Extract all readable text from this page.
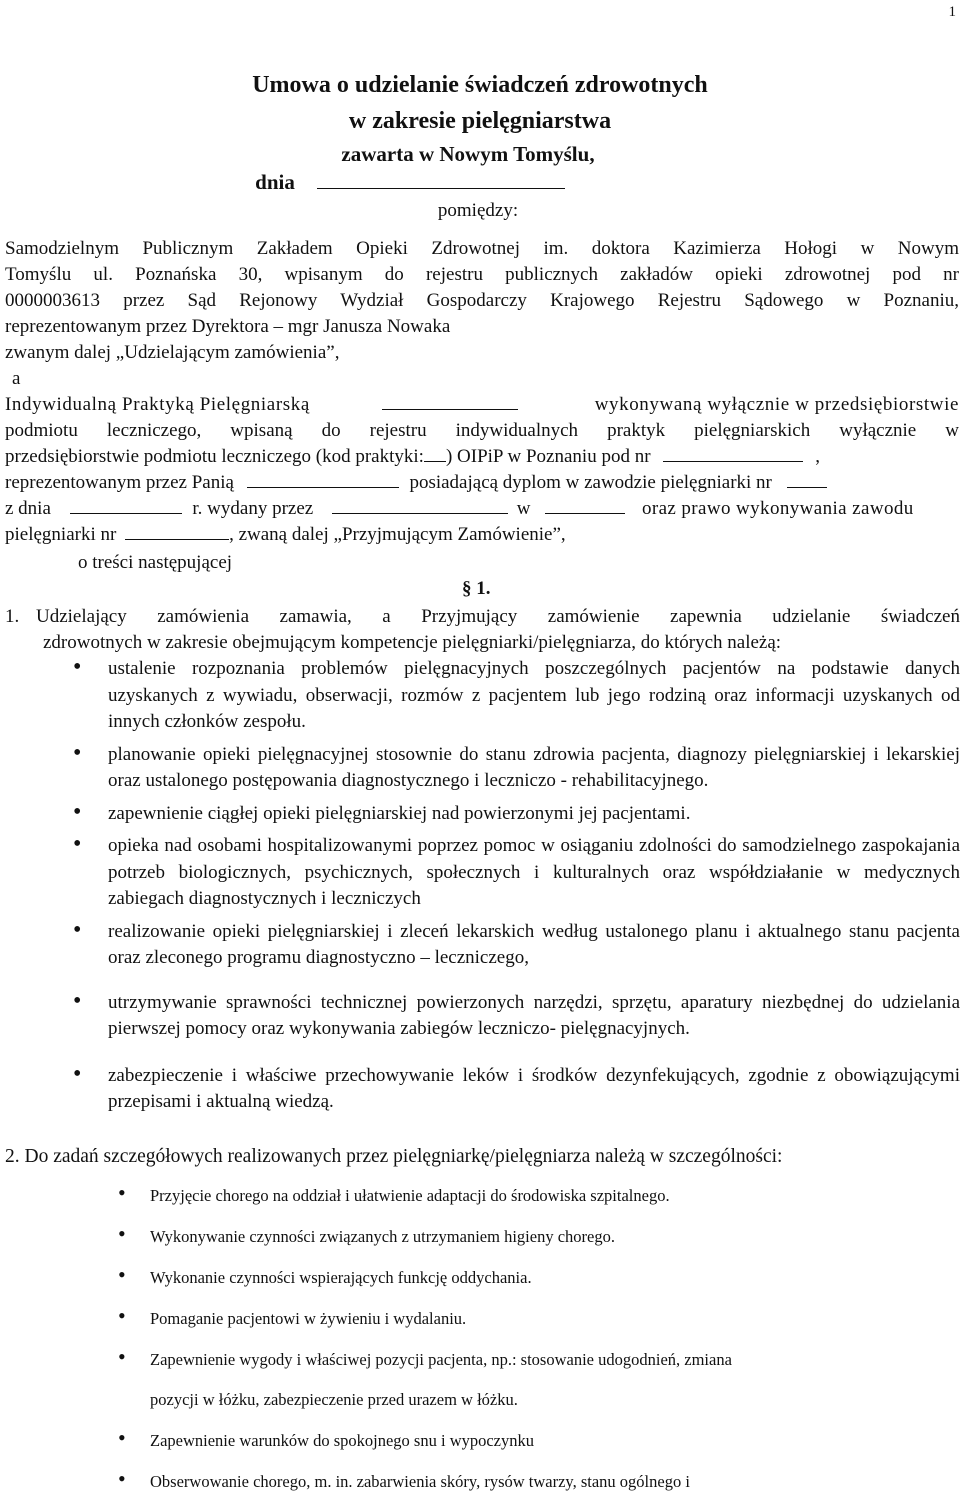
1
Umowa o udzielanie świadczeń zdrowotnych
w zakresie pielęgniarstwa
zawarta w Nowym Tomyślu,
dnia
pomiędzy:
Samodzielnym Publicznym Zakładem Opieki Zdrowotnej im. doktora Kazimierza Hołogi w Nowym
Tomyślu ul. Poznańska 30, wpisanym do rejestru publicznych zakładów opieki zdrowotnej pod nr
0000003613 przez Sąd Rejonowy Wydział Gospodarczy Krajowego Rejestru Sądowego w Poznaniu,
reprezentowanym przez Dyrektora – mgr Janusza Nowaka
zwanym dalej „Udzielającym zamówienia”,
a
Indywidualną Praktyką Pielęgniarską	wykonywaną wyłącznie w przedsiębiorstwie
podmiotu leczniczego, wpisaną do rejestru indywidualnych praktyk pielęgniarskich wyłącznie w
przedsiębiorstwie podmiotu leczniczego (kod praktyki: ) OIPiP w Poznaniu pod nr	,
reprezentowanym przez Panią	posiadającą dyplom w zawodzie pielęgniarki nr
z dnia	r. wydany przez	w	oraz prawo wykonywania zawodu
pielęgniarki nr	, zwaną dalej „Przyjmującym Zamówienie”,
o treści następującej
§ 1.
1. Udzielający zamówienia zamawia, a Przyjmujący zamówienie zapewnia udzielanie świadczeń
zdrowotnych w zakresie obejmującym kompetencje pielęgniarki/pielęgniarza, do których należą:
• ustalenie rozpoznania problemów pielęgnacyjnych poszczególnych pacjentów na podstawie danych uzyskanych z wywiadu, obserwacji, rozmów z pacjentem lub jego rodziną oraz informacji uzyskanych od innych członków zespołu.
• planowanie opieki pielęgnacyjnej stosownie do stanu zdrowia pacjenta, diagnozy pielęgniarskiej i lekarskiej oraz ustalonego postępowania diagnostycznego i leczniczo - rehabilitacyjnego.
• zapewnienie ciągłej opieki pielęgniarskiej nad powierzonymi jej pacjentami.
• opieka nad osobami hospitalizowanymi poprzez pomoc w osiąganiu zdolności do samodzielnego zaspokajania potrzeb biologicznych, psychicznych, społecznych i kulturalnych oraz współdziałanie w medycznych zabiegach diagnostycznych i leczniczych
• realizowanie opieki pielęgniarskiej i zleceń lekarskich według ustalonego planu i aktualnego stanu pacjenta oraz zleconego programu diagnostyczno – leczniczego,
• utrzymywanie sprawności technicznej powierzonych narzędzi, sprzętu, aparatury niezbędnej do udzielania pierwszej pomocy oraz wykonywania zabiegów leczniczo- pielęgnacyjnych.
• zabezpieczenie i właściwe przechowywanie leków i środków dezynfekujących, zgodnie z obowiązującymi przepisami i aktualną wiedzą.
2. Do zadań szczegółowych realizowanych przez pielęgniarkę/pielęgniarza należą w szczególności:
• Przyjęcie chorego na oddział i ułatwienie adaptacji do środowiska szpitalnego.
• Wykonywanie czynności związanych z utrzymaniem higieny chorego.
• Wykonanie czynności wspierających funkcję oddychania.
• Pomaganie pacjentowi w żywieniu i wydalaniu.
• Zapewnienie wygody i właściwej pozycji pacjenta, np.: stosowanie udogodnień, zmiana
pozycji w łóżku, zabezpieczenie przed urazem w łóżku.
• Zapewnienie warunków do spokojnego snu i wypoczynku
• Obserwowanie chorego, m. in. zabarwienia skóry, rysów twarzy, stanu ogólnego i
